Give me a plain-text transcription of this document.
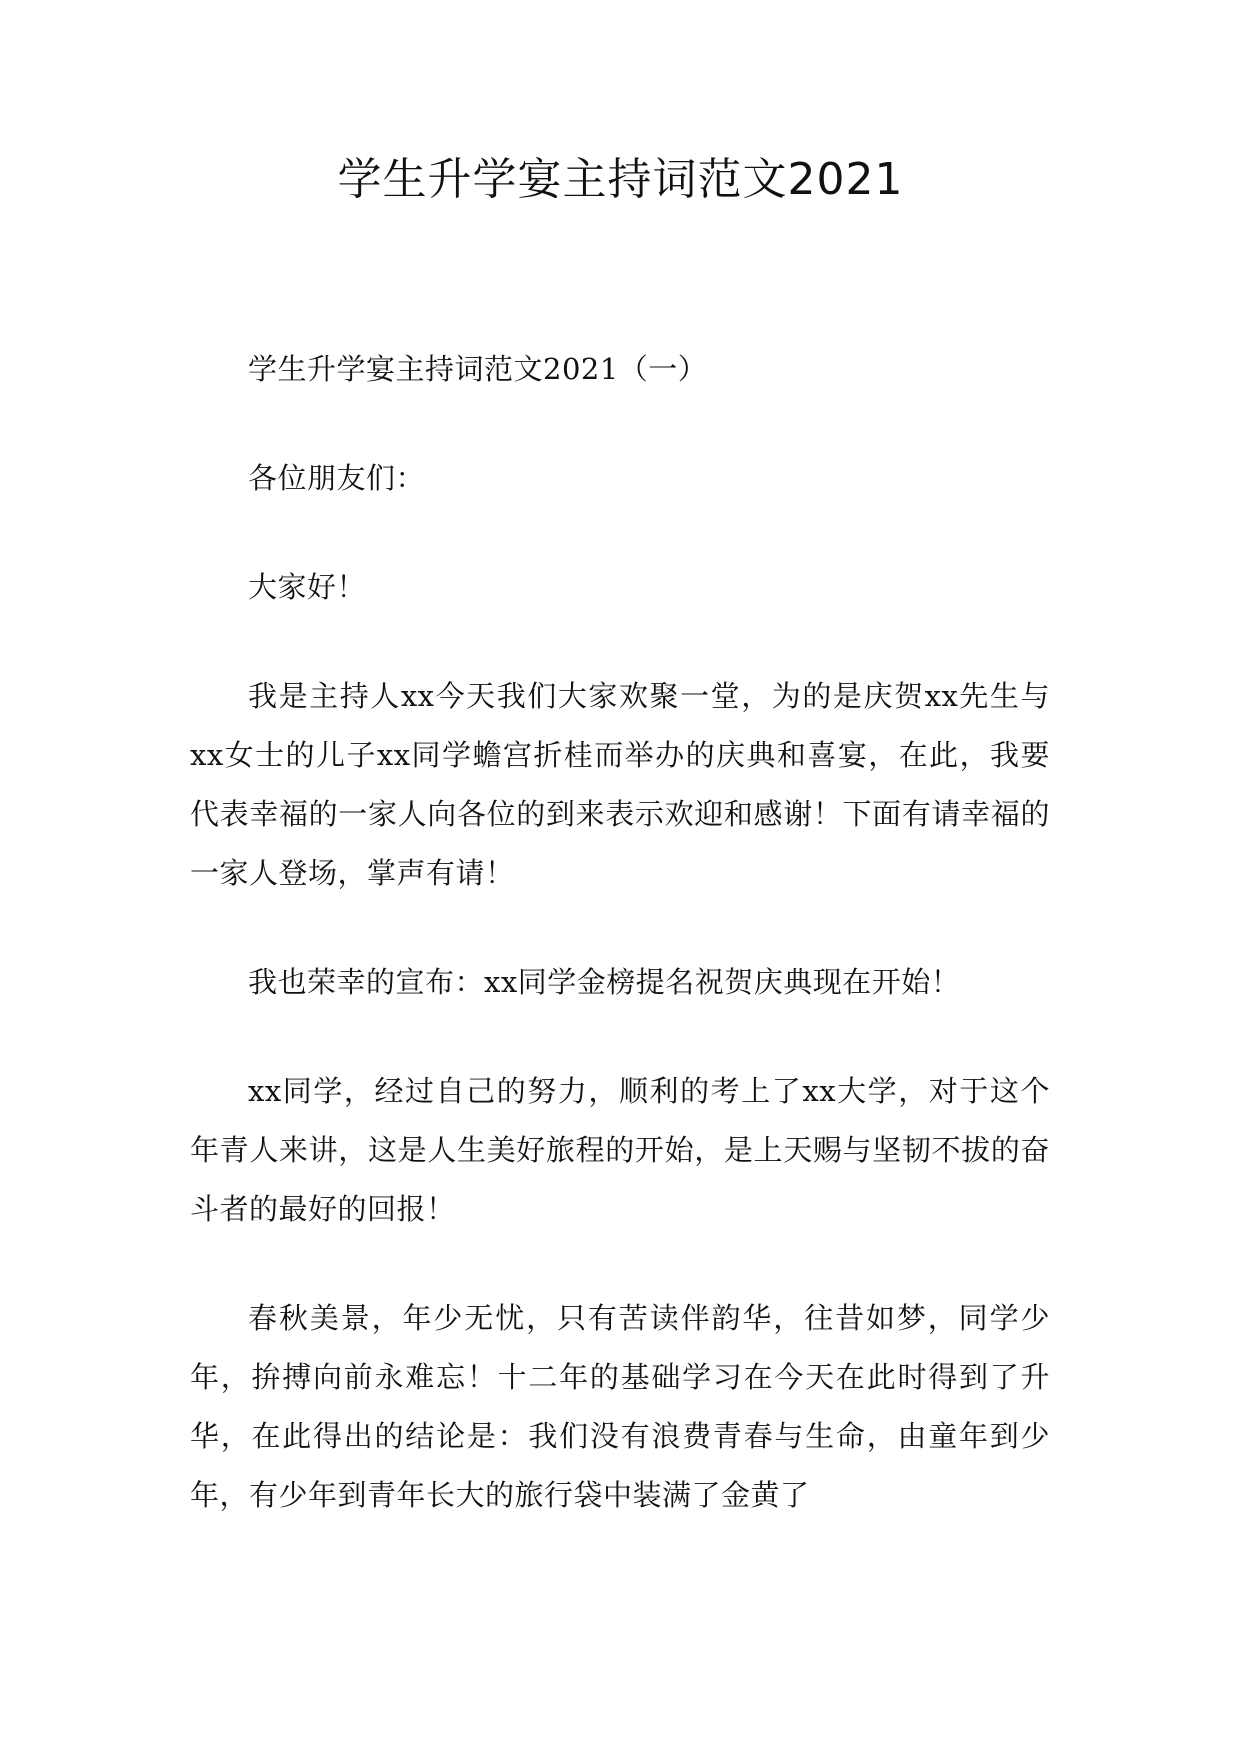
学生升学宴主持词范文2021

学生升学宴主持词范文2021（一）

各位朋友们：

大家好！

我是主持人xx今天我们大家欢聚一堂，为的是庆贺xx先生与xx女士的儿子xx同学蟾宫折桂而举办的庆典和喜宴，在此，我要代表幸福的一家人向各位的到来表示欢迎和感谢！下面有请幸福的一家人登场，掌声有请！

我也荣幸的宣布：xx同学金榜提名祝贺庆典现在开始！

xx同学，经过自己的努力，顺利的考上了xx大学，对于这个年青人来讲，这是人生美好旅程的开始，是上天赐与坚韧不拔的奋斗者的最好的回报！

春秋美景，年少无忧，只有苦读伴韵华，往昔如梦，同学少年，拚搏向前永难忘！十二年的基础学习在今天在此时得到了升华，在此得出的结论是：我们没有浪费青春与生命，由童年到少年，有少年到青年长大的旅行袋中装满了金黄了
